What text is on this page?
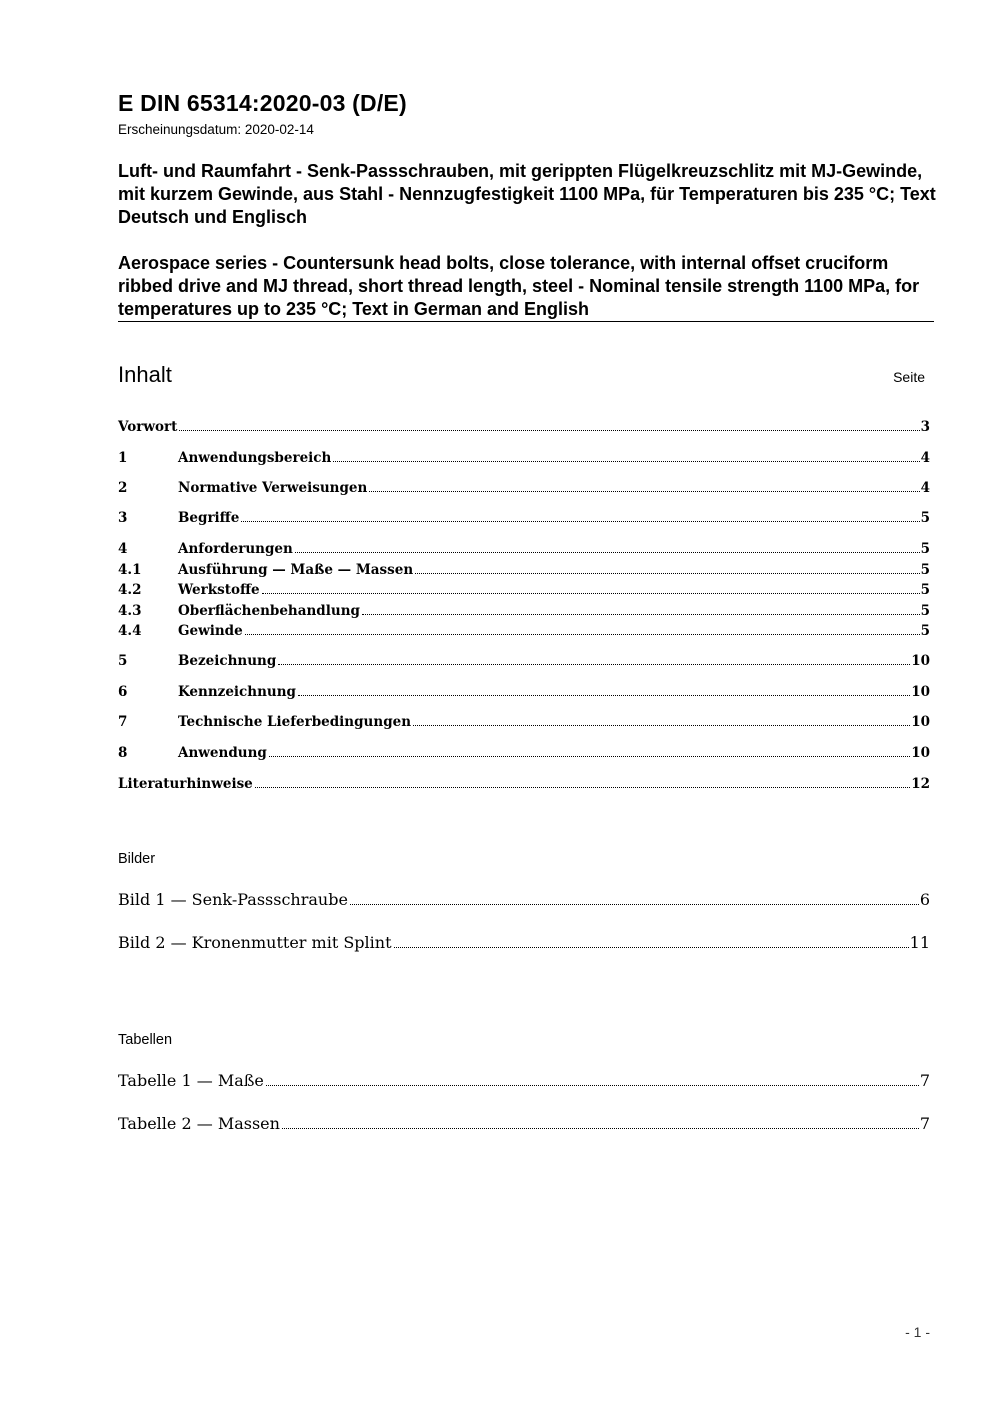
E DIN 65314:2020-03 (D/E)
Erscheinungsdatum: 2020-02-14
Luft- und Raumfahrt - Senk-Passschrauben, mit gerippten Flügelkreuzschlitz mit MJ-Gewinde, mit kurzem Gewinde, aus Stahl - Nennzugfestigkeit 1100 MPa, für Temperaturen bis 235 °C; Text Deutsch und Englisch
Aerospace series - Countersunk head bolts, close tolerance, with internal offset cruciform ribbed drive and MJ thread, short thread length, steel - Nominal tensile strength 1100 MPa, for temperatures up to 235 °C; Text in German and English
Inhalt	Seite
Vorwort	3
1	Anwendungsbereich	4
2	Normative Verweisungen	4
3	Begriffe	5
4	Anforderungen	5
4.1	Ausführung — Maße — Massen	5
4.2	Werkstoffe	5
4.3	Oberflächenbehandlung	5
4.4	Gewinde	5
5	Bezeichnung	10
6	Kennzeichnung	10
7	Technische Lieferbedingungen	10
8	Anwendung	10
Literaturhinweise	12
Bilder
Bild 1 — Senk-Passschraube	6
Bild 2 — Kronenmutter mit Splint	11
Tabellen
Tabelle 1 — Maße	7
Tabelle 2 — Massen	7
- 1 -
